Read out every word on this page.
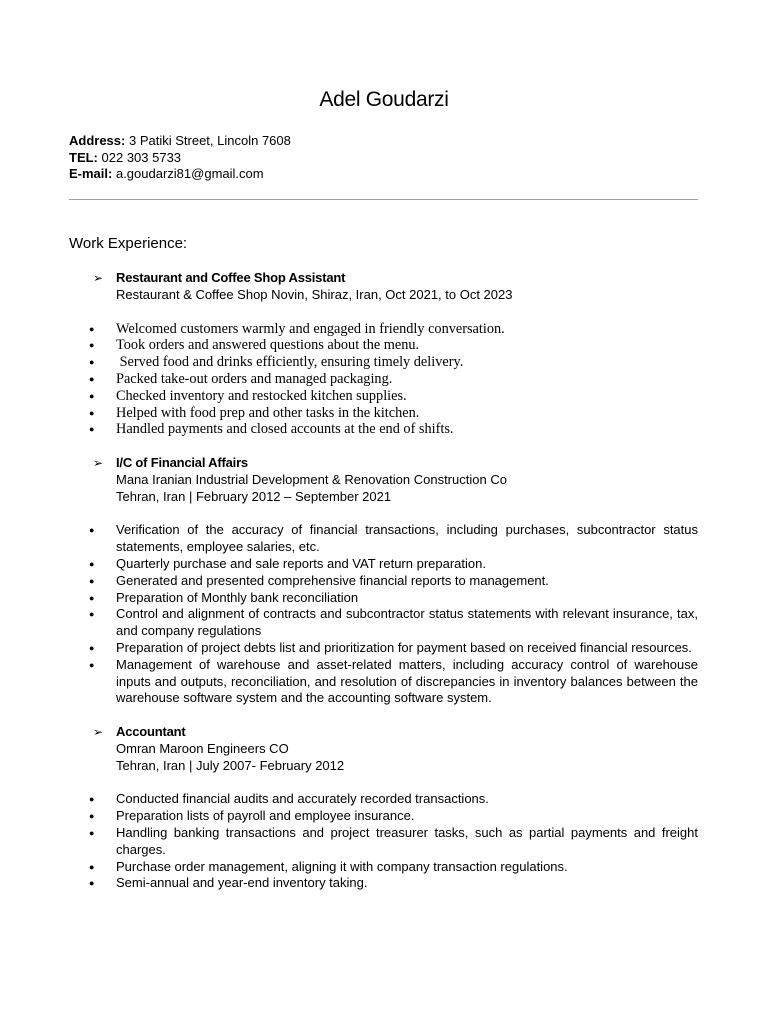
Adel Goudarzi
Address: 3 Patiki Street, Lincoln 7608
TEL: 022 303 5733
E-mail: a.goudarzi81@gmail.com
Work Experience:
➢ Restaurant and Coffee Shop Assistant
Restaurant & Coffee Shop Novin, Shiraz, Iran, Oct 2021, to Oct 2023
● Welcomed customers warmly and engaged in friendly conversation.
● Took orders and answered questions about the menu.
● Served food and drinks efficiently, ensuring timely delivery.
● Packed take-out orders and managed packaging.
● Checked inventory and restocked kitchen supplies.
● Helped with food prep and other tasks in the kitchen.
● Handled payments and closed accounts at the end of shifts.
➢ I/C of Financial Affairs
Mana Iranian Industrial Development & Renovation Construction Co
Tehran, Iran | February 2012 – September 2021
● Verification of the accuracy of financial transactions, including purchases, subcontractor status statements, employee salaries, etc.
● Quarterly purchase and sale reports and VAT return preparation.
● Generated and presented comprehensive financial reports to management.
● Preparation of Monthly bank reconciliation
● Control and alignment of contracts and subcontractor status statements with relevant insurance, tax, and company regulations
● Preparation of project debts list and prioritization for payment based on received financial resources.
● Management of warehouse and asset-related matters, including accuracy control of warehouse inputs and outputs, reconciliation, and resolution of discrepancies in inventory balances between the warehouse software system and the accounting software system.
➢ Accountant
Omran Maroon Engineers CO
Tehran, Iran | July 2007- February 2012
● Conducted financial audits and accurately recorded transactions.
● Preparation lists of payroll and employee insurance.
● Handling banking transactions and project treasurer tasks, such as partial payments and freight charges.
● Purchase order management, aligning it with company transaction regulations.
● Semi-annual and year-end inventory taking.
